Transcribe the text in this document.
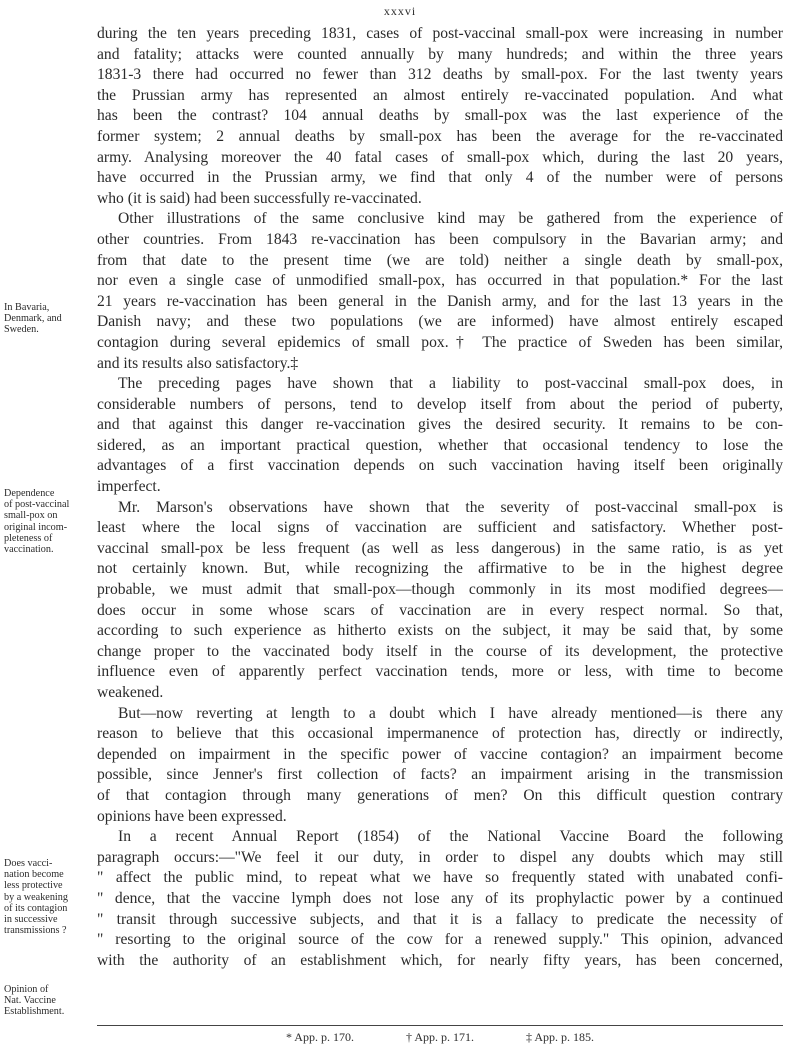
xxxvi
In Bavaria,
Denmark, and
Sweden.
Dependence
of post-vaccinal
small-pox on
original incom-
pleteness of
vaccination.
Does vacci-
nation become
less protective
by a weakening
of its contagion
in successive
transmissions ?
Opinion of
Nat. Vaccine
Establishment.
during the ten years preceding 1831, cases of post-vaccinal small-pox were increasing in number
and fatality; attacks were counted annually by many hundreds; and within the three years
1831-3 there had occurred no fewer than 312 deaths by small-pox. For the last twenty years
the Prussian army has represented an almost entirely re-vaccinated population. And what
has been the contrast? 104 annual deaths by small-pox was the last experience of the
former system; 2 annual deaths by small-pox has been the average for the re-vaccinated
army. Analysing moreover the 40 fatal cases of small-pox which, during the last 20 years,
have occurred in the Prussian army, we find that only 4 of the number were of persons
who (it is said) had been successfully re-vaccinated.
Other illustrations of the same conclusive kind may be gathered from the experience of
other countries. From 1843 re-vaccination has been compulsory in the Bavarian army; and
from that date to the present time (we are told) neither a single death by small-pox,
nor even a single case of unmodified small-pox, has occurred in that population.* For the last
21 years re-vaccination has been general in the Danish army, and for the last 13 years in the
Danish navy; and these two populations (we are informed) have almost entirely escaped
contagion during several epidemics of small pox.† The practice of Sweden has been similar,
and its results also satisfactory.‡
The preceding pages have shown that a liability to post-vaccinal small-pox does, in
considerable numbers of persons, tend to develop itself from about the period of puberty,
and that against this danger re-vaccination gives the desired security. It remains to be con-
sidered, as an important practical question, whether that occasional tendency to lose the
advantages of a first vaccination depends on such vaccination having itself been originally
imperfect.
Mr. Marson's observations have shown that the severity of post-vaccinal small-pox is
least where the local signs of vaccination are sufficient and satisfactory. Whether post-
vaccinal small-pox be less frequent (as well as less dangerous) in the same ratio, is as yet
not certainly known. But, while recognizing the affirmative to be in the highest degree
probable, we must admit that small-pox—though commonly in its most modified degrees—
does occur in some whose scars of vaccination are in every respect normal. So that,
according to such experience as hitherto exists on the subject, it may be said that, by some
change proper to the vaccinated body itself in the course of its development, the protective
influence even of apparently perfect vaccination tends, more or less, with time to become
weakened.
But—now reverting at length to a doubt which I have already mentioned—is there any
reason to believe that this occasional impermanence of protection has, directly or indirectly,
depended on impairment in the specific power of vaccine contagion? an impairment become
possible, since Jenner's first collection of facts? an impairment arising in the transmission
of that contagion through many generations of men? On this difficult question contrary
opinions have been expressed.
In a recent Annual Report (1854) of the National Vaccine Board the following
paragraph occurs:—"We feel it our duty, in order to dispel any doubts which may still
" affect the public mind, to repeat what we have so frequently stated with unabated confi-
" dence, that the vaccine lymph does not lose any of its prophylactic power by a continued
" transit through successive subjects, and that it is a fallacy to predicate the necessity of
" resorting to the original source of the cow for a renewed supply." This opinion, advanced
with the authority of an establishment which, for nearly fifty years, has been concerned,
* App. p. 170.	† App. p. 171.	‡ App. p. 185.
